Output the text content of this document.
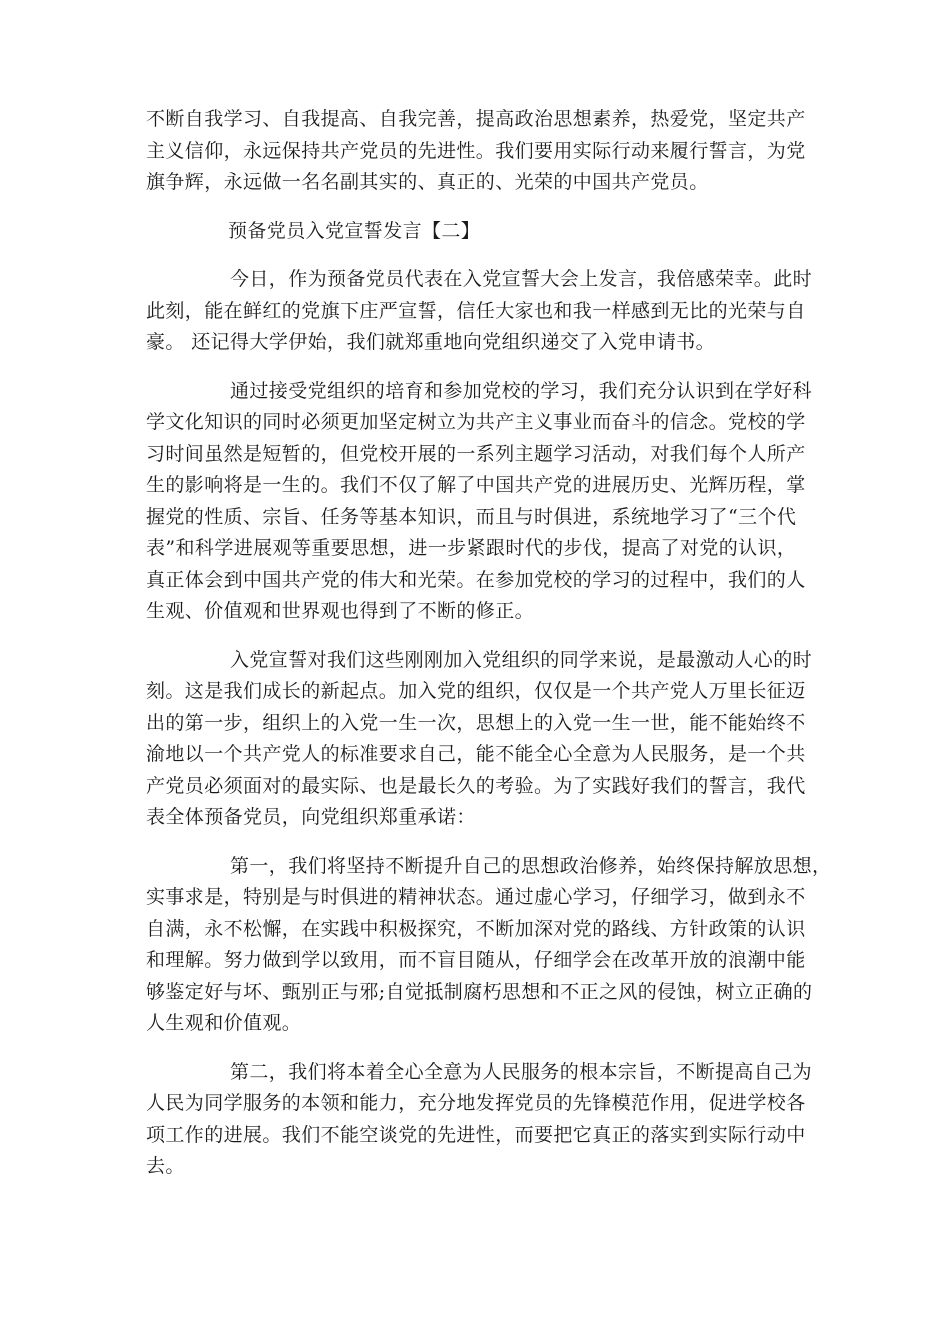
不断自我学习、自我提高、自我完善，提高政治思想素养，热爱党，坚定共产
主义信仰，永远保持共产党员的先进性。我们要用实际行动来履行誓言，为党
旗争辉，永远做一名名副其实的、真正的、光荣的中国共产党员。
预备党员入党宣誓发言【二】
今日，作为预备党员代表在入党宣誓大会上发言，我倍感荣幸。此时
此刻，能在鲜红的党旗下庄严宣誓，信任大家也和我一样感到无比的光荣与自
豪。 还记得大学伊始，我们就郑重地向党组织递交了入党申请书。
通过接受党组织的培育和参加党校的学习，我们充分认识到在学好科
学文化知识的同时必须更加坚定树立为共产主义事业而奋斗的信念。党校的学
习时间虽然是短暂的，但党校开展的一系列主题学习活动，对我们每个人所产
生的影响将是一生的。我们不仅了解了中国共产党的进展历史、光辉历程，掌
握党的性质、宗旨、任务等基本知识，而且与时俱进，系统地学习了“三个代
表”和科学进展观等重要思想，进一步紧跟时代的步伐，提高了对党的认识，
真正体会到中国共产党的伟大和光荣。在参加党校的学习的过程中，我们的人
生观、价值观和世界观也得到了不断的修正。
入党宣誓对我们这些刚刚加入党组织的同学来说，是最激动人心的时
刻。这是我们成长的新起点。加入党的组织，仅仅是一个共产党人万里长征迈
出的第一步，组织上的入党一生一次，思想上的入党一生一世，能不能始终不
渝地以一个共产党人的标准要求自己，能不能全心全意为人民服务，是一个共
产党员必须面对的最实际、也是最长久的考验。为了实践好我们的誓言，我代
表全体预备党员，向党组织郑重承诺：
第一，我们将坚持不断提升自己的思想政治修养，始终保持解放思想，
实事求是，特别是与时俱进的精神状态。通过虚心学习，仔细学习，做到永不
自满，永不松懈，在实践中积极探究，不断加深对党的路线、方针政策的认识
和理解。努力做到学以致用，而不盲目随从，仔细学会在改革开放的浪潮中能
够鉴定好与坏、甄别正与邪;自觉抵制腐朽思想和不正之风的侵蚀，树立正确的
人生观和价值观。
第二，我们将本着全心全意为人民服务的根本宗旨，不断提高自己为
人民为同学服务的本领和能力，充分地发挥党员的先锋模范作用，促进学校各
项工作的进展。我们不能空谈党的先进性，而要把它真正的落实到实际行动中
去。
